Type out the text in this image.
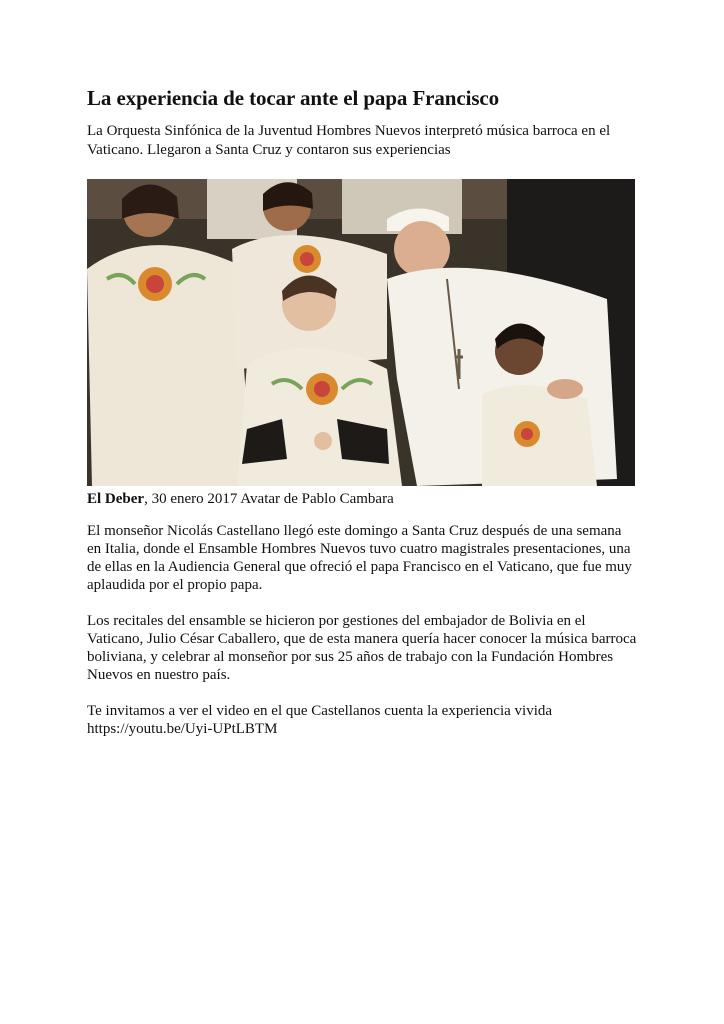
La experiencia de tocar ante el papa Francisco

La Orquesta Sinfónica de la Juventud Hombres Nuevos interpretó música barroca en el Vaticano. Llegaron a Santa Cruz y contaron sus experiencias

El Deber, 30 enero 2017 Avatar de Pablo Cambara

El monseñor Nicolás Castellano llegó este domingo a Santa Cruz después de una semana en Italia, donde el Ensamble Hombres Nuevos tuvo cuatro magistrales presentaciones, una de ellas en la Audiencia General que ofreció el papa Francisco en el Vaticano, que fue muy aplaudida por el propio papa.

Los recitales del ensamble se hicieron por gestiones del embajador de Bolivia en el Vaticano, Julio César Caballero, que de esta manera quería hacer conocer la música barroca boliviana, y celebrar al monseñor por sus 25 años de trabajo con la Fundación Hombres Nuevos en nuestro país.

Te invitamos a ver el video en el que Castellanos cuenta la experiencia vivida
https://youtu.be/Uyi-UPtLBTM
